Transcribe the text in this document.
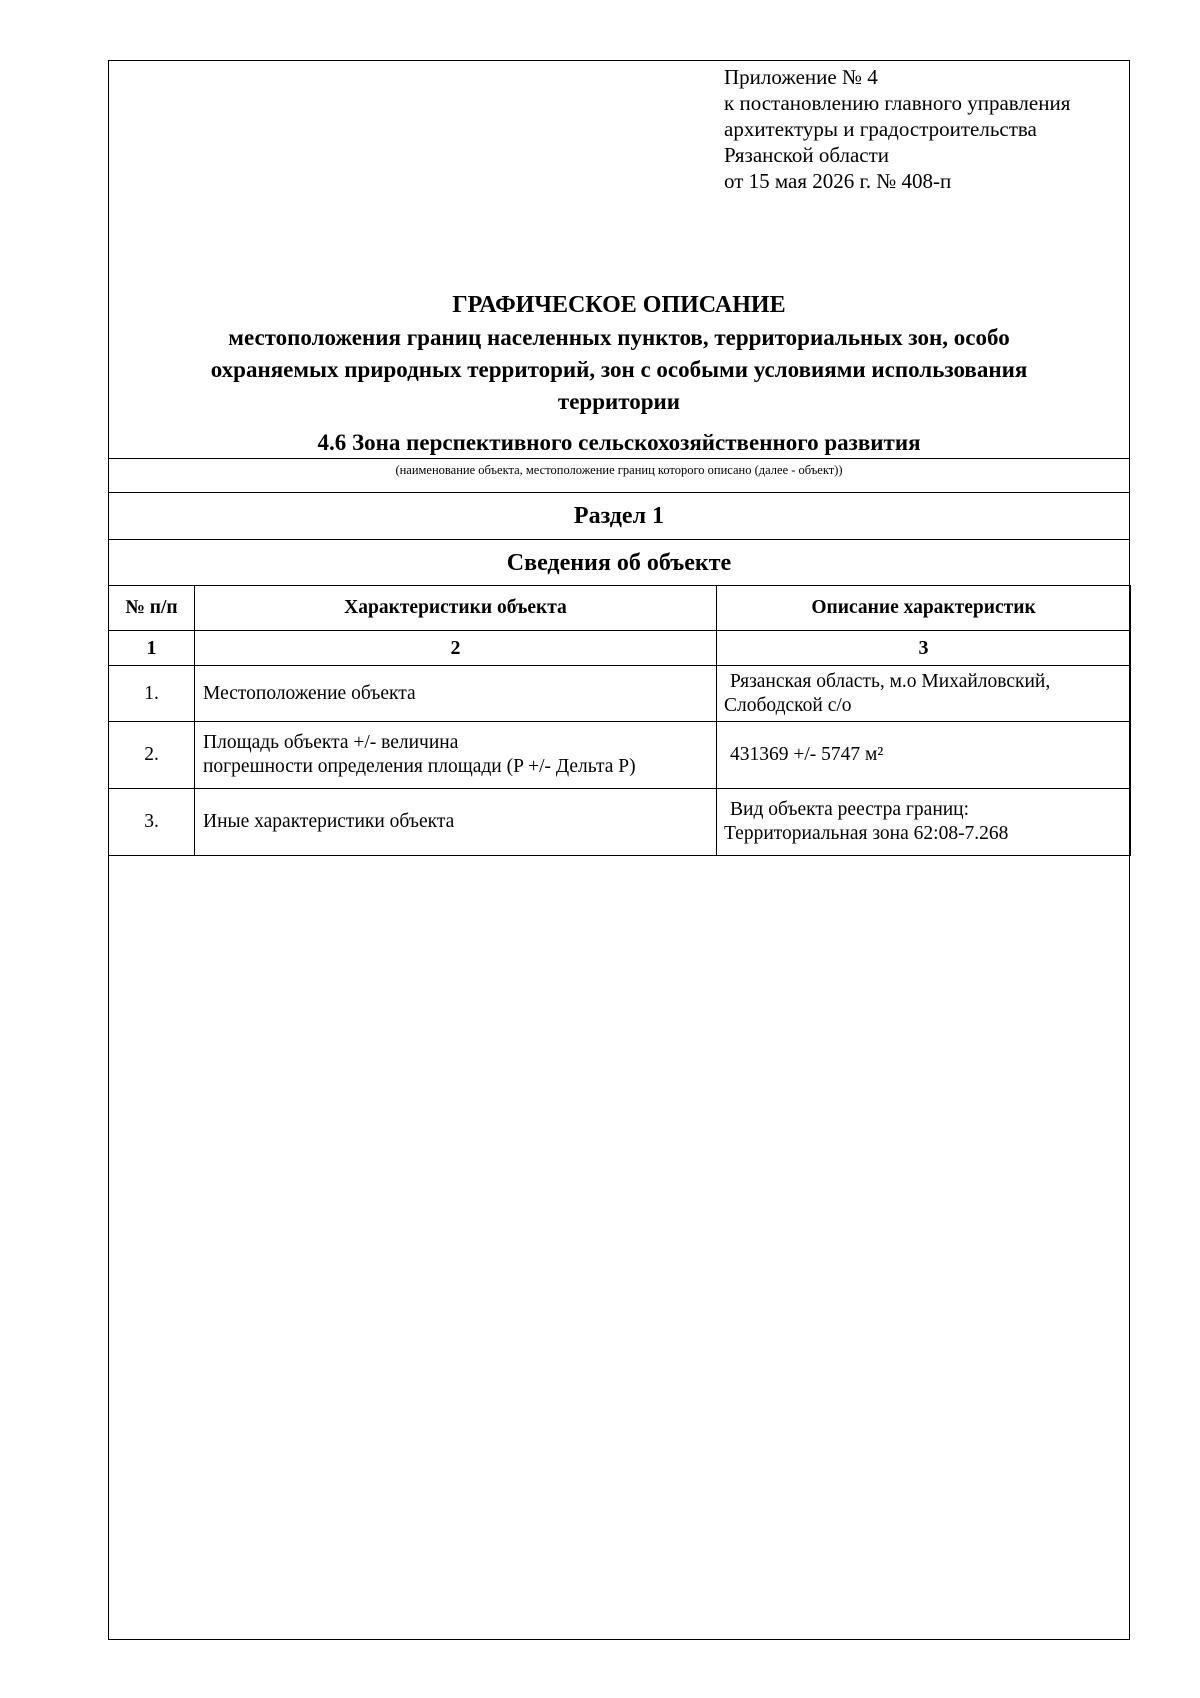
Приложение № 4
к постановлению главного управления
архитектуры и градостроительства
Рязанской области
от 15 мая 2026 г. № 408-п
ГРАФИЧЕСКОЕ ОПИСАНИЕ
местоположения границ населенных пунктов, территориальных зон, особо
охраняемых природных территорий, зон с особыми условиями использования
территории
4.6 Зона перспективного сельскохозяйственного развития
(наименование объекта, местоположение границ которого описано (далее - объект))
Раздел 1
Сведения об объекте
№ п/п	Характеристики объекта	Описание характеристик
1	2	3
1.	Местоположение объекта	Рязанская область, м.о Михайловский,
Слободской с/о

2.	Площадь объекта +/- величина
погрешности определения площади (P +/- Дельта P)	431369 +/- 5747 м²

3.	Иные характеристики объекта	Вид объекта реестра границ:
Территориальная зона 62:08-7.268
